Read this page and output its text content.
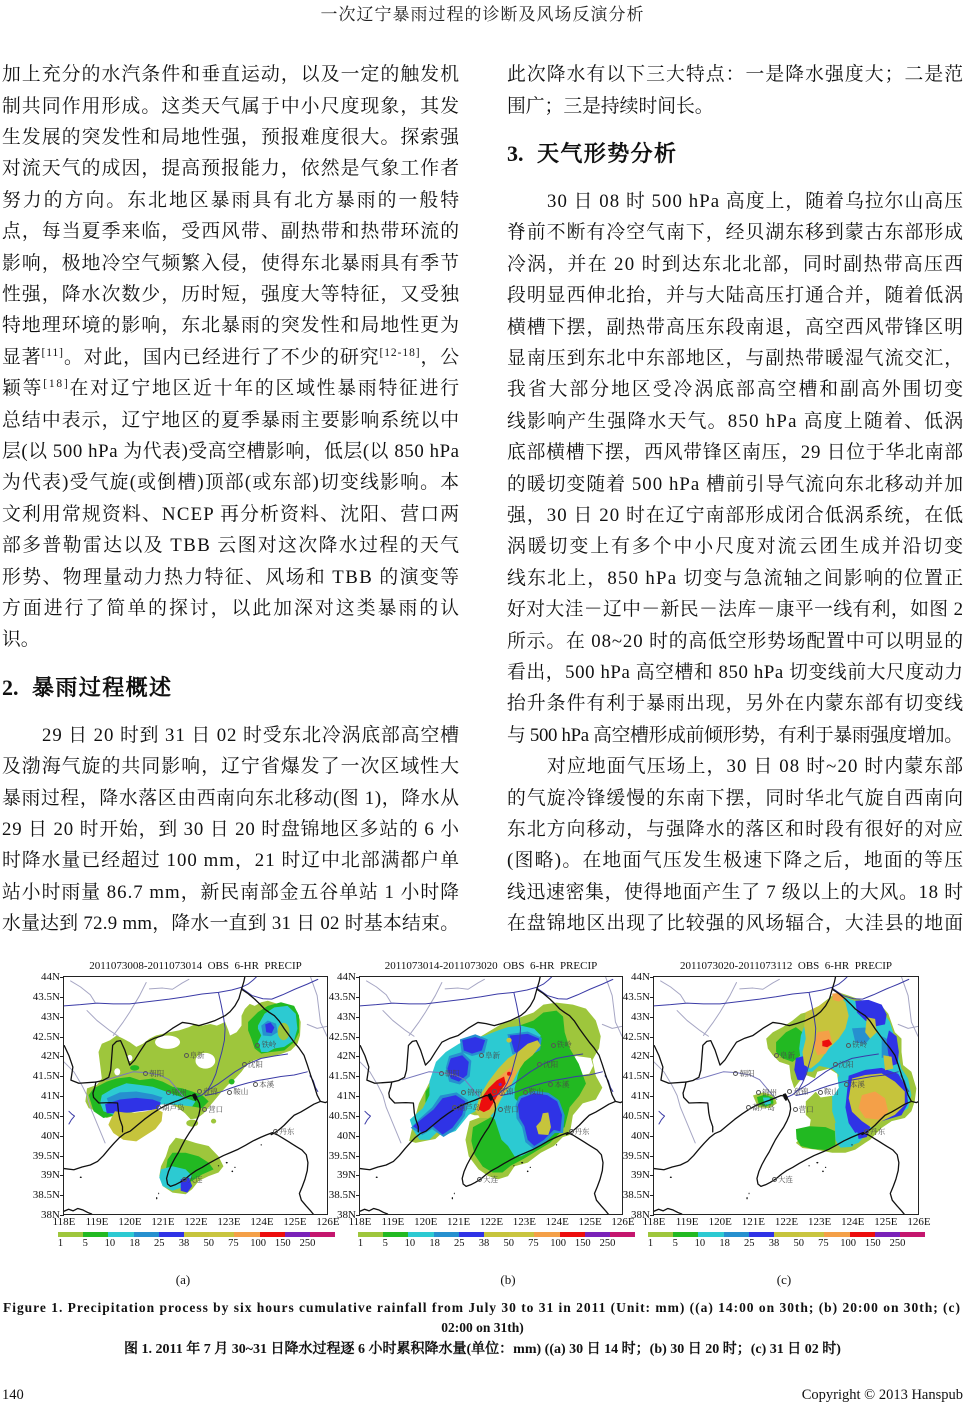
一次辽宁暴雨过程的诊断及风场反演分析
加上充分的水汽条件和垂直运动，以及一定的触发机
制共同作用形成。这类天气属于中小尺度现象，其发
生发展的突发性和局地性强，预报难度很大。探索强
对流天气的成因，提高预报能力，依然是气象工作者
努力的方向。东北地区暴雨具有北方暴雨的一般特
点，每当夏季来临，受西风带、副热带和热带环流的
影响，极地冷空气频繁入侵，使得东北暴雨具有季节
性强，降水次数少，历时短，强度大等特征，又受独
特地理环境的影响，东北暴雨的突发性和局地性更为
显著[11]。对此，国内已经进行了不少的研究[12-18]，公
颖等[18]在对辽宁地区近十年的区域性暴雨特征进行
总结中表示，辽宁地区的夏季暴雨主要影响系统以中
层(以 500 hPa 为代表)受高空槽影响，低层(以 850 hPa
为代表)受气旋(或倒槽)顶部(或东部)切变线影响。本
文利用常规资料、NCEP 再分析资料、沈阳、营口两
部多普勒雷达以及 TBB 云图对这次降水过程的天气
形势、物理量动力热力特征、风场和 TBB 的演变等
方面进行了简单的探讨，以此加深对这类暴雨的认
识。
2. 暴雨过程概述
29 日 20 时到 31 日 02 时受东北冷涡底部高空槽
及渤海气旋的共同影响，辽宁省爆发了一次区域性大
暴雨过程，降水落区由西南向东北移动(图 1)，降水从
29 日 20 时开始，到 30 日 20 时盘锦地区多站的 6 小
时降水量已经超过 100 mm，21 时辽中北部满都户单
站小时雨量 86.7 mm，新民南部金五谷单站 1 小时降
水量达到 72.9 mm，降水一直到 31 日 02 时基本结束。
此次降水有以下三大特点：一是降水强度大；二是范
围广；三是持续时间长。
3. 天气形势分析
30 日 08 时 500 hPa 高度上，随着乌拉尔山高压
脊前不断有冷空气南下，经贝湖东移到蒙古东部形成
冷涡，并在 20 时到达东北北部，同时副热带高压西
段明显西伸北抬，并与大陆高压打通合并，随着低涡
横槽下摆，副热带高压东段南退，高空西风带锋区明
显南压到东北中东部地区，与副热带暖湿气流交汇，
我省大部分地区受冷涡底部高空槽和副高外围切变
线影响产生强降水天气。850 hPa 高度上随着、低涡
底部横槽下摆，西风带锋区南压，29 日位于华北南部
的暖切变随着 500 hPa 槽前引导气流向东北移动并加
强，30 日 20 时在辽宁南部形成闭合低涡系统，在低
涡暖切变上有多个中小尺度对流云团生成并沿切变
线东北上，850 hPa 切变与急流轴之间影响的位置正
好对大洼－辽中－新民－法库－康平一线有利，如图 2
所示。在 08~20 时的高低空形势场配置中可以明显的
看出，500 hPa 高空槽和 850 hPa 切变线前大尺度动力
抬升条件有利于暴雨出现，另外在内蒙东部有切变线
与 500 hPa 高空槽形成前倾形势，有利于暴雨强度增加。
对应地面气压场上，30 日 08 时~20 时内蒙东部
的气旋冷锋缓慢的东南下摆，同时华北气旋自西南向
东北方向移动，与强降水的落区和时段有很好的对应
(图略)。在地面气压发生极速下降之后，地面的等压
线迅速密集，使得地面产生了 7 级以上的大风。18 时
在盘锦地区出现了比较强的风场辐合，大洼县的地面
2011073008-2011073014  OBS  6-HR  PRECIP
阜新
朝阳
锦州
葫芦岛
盘锦
营口
鞍山
沈阳
铁岭
本溪
丹东
大连
44N
43.5N
43N
42.5N
42N
41.5N
41N
40.5N
40N
39.5N
39N
38.5N
38N
118E 119E 120E 121E 122E 123E 124E 125E 126E
2011073014-2011073020  OBS  6-HR  PRECIP
阜新
朝阳
锦州
葫芦岛
盘锦
营口
鞍山
沈阳
铁岭
本溪
丹东
大连
44N
43.5N
43N
42.5N
42N
41.5N
41N
40.5N
40N
39.5N
39N
38.5N
38N
118E 119E 120E 121E 122E 123E 124E 125E 126E
2011073020-2011073112  OBS  6-HR  PRECIP
阜新
朝阳
锦州
葫芦岛
盘锦
营口
鞍山
沈阳
铁岭
本溪
丹东
大连
44N
43.5N
43N
42.5N
42N
41.5N
41N
40.5N
40N
39.5N
39N
38.5N
38N
118E 119E 120E 121E 122E 123E 124E 125E 126E
1 5 10 18 25 38 50 75 100 150 250	1 5 10 18 25 38 50 75 100 150 250	1 5 10 18 25 38 50 75 100 150 250
(a)	(b)	(c)
Figure 1. Precipitation process by six hours cumulative rainfall from July 30 to 31 in 2011 (Unit: mm) ((a) 14:00 on 30th; (b) 20:00 on 30th; (c)
02:00 on 31th)
图 1. 2011 年 7 月 30~31 日降水过程逐 6 小时累积降水量(单位：mm) ((a) 30 日 14 时；(b) 30 日 20 时；(c) 31 日 02 时)
140	Copyright © 2013 Hanspub
